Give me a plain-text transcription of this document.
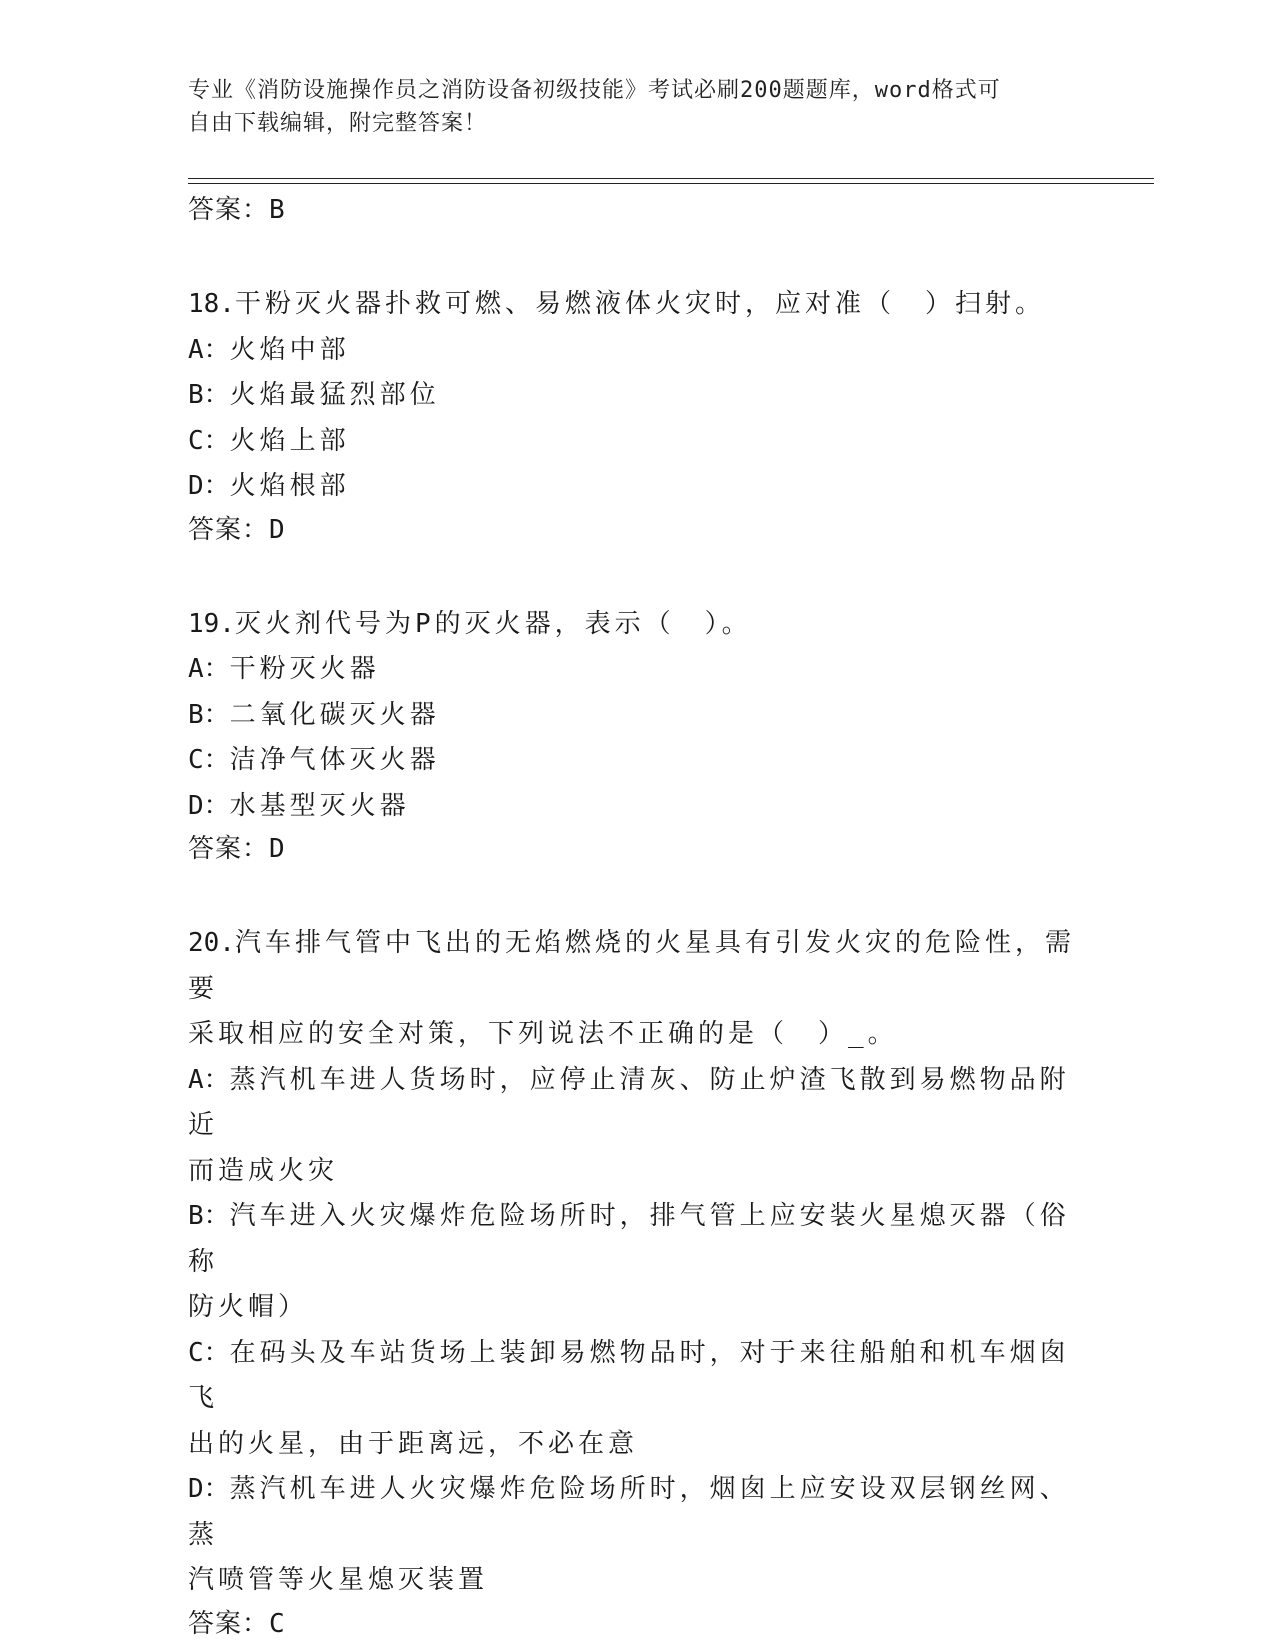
专业《消防设施操作员之消防设备初级技能》考试必刷200题题库，word格式可
自由下载编辑，附完整答案！

答案：B

18.干粉灭火器扑救可燃、易燃液体火灾时，应对准（　）扫射。

A：火焰中部

B：火焰最猛烈部位

C：火焰上部

D：火焰根部

答案：D

19.灭火剂代号为P的灭火器，表示（　）。

A：干粉灭火器

B：二氧化碳灭火器

C：洁净气体灭火器

D：水基型灭火器

答案：D

20.汽车排气管中飞出的无焰燃烧的火星具有引发火灾的危险性，需要

采取相应的安全对策，下列说法不正确的是（　）_。

A：蒸汽机车进人货场时，应停止清灰、防止炉渣飞散到易燃物品附近

而造成火灾

B：汽车进入火灾爆炸危险场所时，排气管上应安装火星熄灭器（俗称

防火帽）

C：在码头及车站货场上装卸易燃物品时，对于来往船舶和机车烟囱飞

出的火星，由于距离远，不必在意

D：蒸汽机车进人火灾爆炸危险场所时，烟囱上应安设双层钢丝网、蒸

汽喷管等火星熄灭装置

答案：C
